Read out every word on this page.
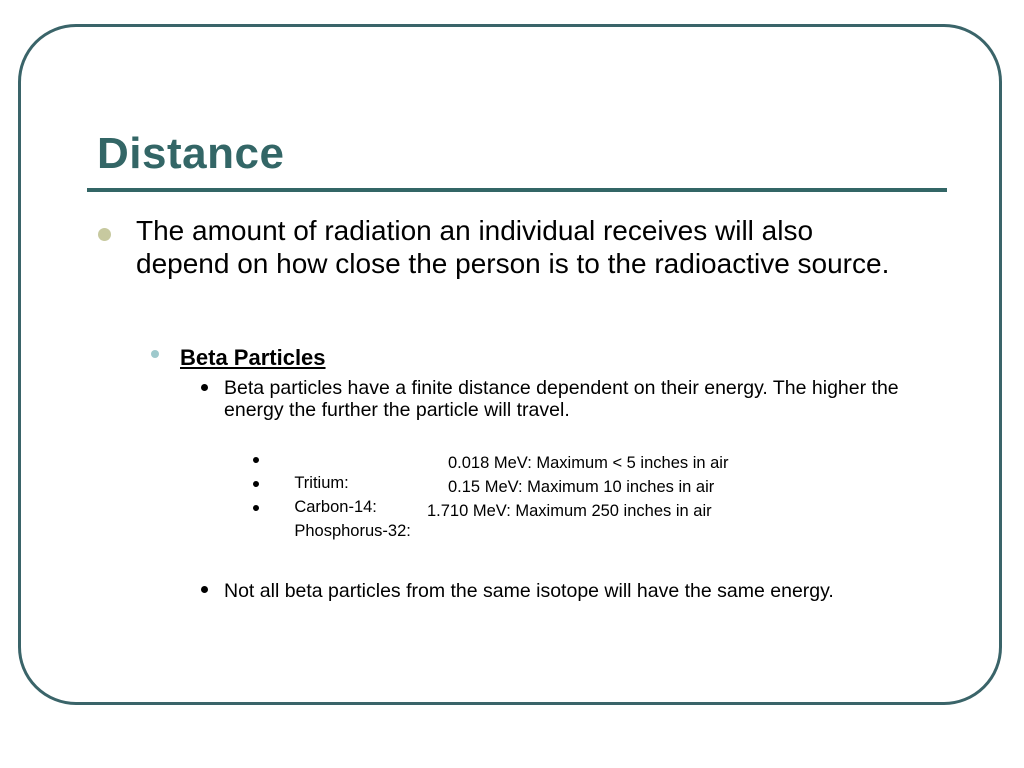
Distance
The amount of radiation an individual receives will also depend on how close the person is to the radioactive source.
Beta Particles
Beta particles have a finite distance dependent on their energy. The higher the energy the further the particle will travel.

Tritium:
0.018 MeV: Maximum < 5 inches in air

Carbon-14:
0.15 MeV: Maximum 10 inches in air

Phosphorus-32:
1.710 MeV: Maximum 250 inches in air

Not all beta particles from the same isotope will have the same energy.
